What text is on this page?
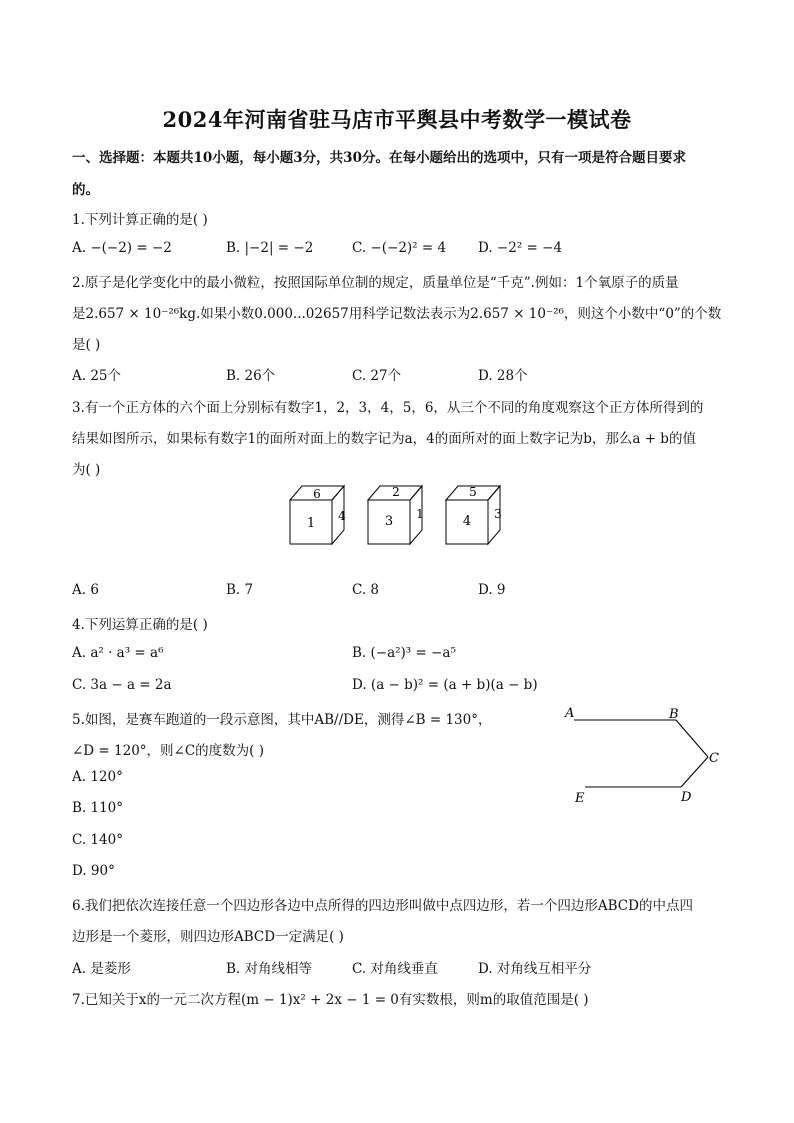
2024年河南省驻马店市平舆县中考数学一模试卷
一、选择题：本题共10小题，每小题3分，共30分。在每小题给出的选项中，只有一项是符合题目要求
的。
1.下列计算正确的是( )
A. −(−2) = −2	B. |−2| = −2	C. −(−2)² = 4 D. −2² = −4
2.原子是化学变化中的最小微粒，按照国际单位制的规定，质量单位是“千克”.例如：1个氧原子的质量
是2.657 × 10⁻²⁶kg.如果小数0.000...02657用科学记数法表示为2.657 × 10⁻²⁶，则这个小数中“0”的个数
是( )
A. 25个	B. 26个	C. 27个	D. 28个
3.有一个正方体的六个面上分别标有数字1，2，3，4，5，6，从三个不同的角度观察这个正方体所得到的
结果如图所示，如果标有数字1的面所对面上的数字记为a，4的面所对的面上数字记为b，那么a + b的值
为( )
6
1 4
2
3 1
5
4 3
A. 6	B. 7	C. 8	D. 9
4.下列运算正确的是( )
A. a² · a³ = a⁶	B. (−a²)³ = −a⁵
C. 3a − a = 2a	D. (a − b)² = (a + b)(a − b)
5.如图，是赛车跑道的一段示意图，其中AB//DE，测得∠B = 130°，
∠D = 120°，则∠C的度数为( )
A. 120°
B. 110°
C. 140°
D. 90°
A	B
C
D
E
6.我们把依次连接任意一个四边形各边中点所得的四边形叫做中点四边形，若一个四边形ABCD的中点四
边形是一个菱形，则四边形ABCD一定满足( )
A. 是菱形	B. 对角线相等	C. 对角线垂直	D. 对角线互相平分
7.已知关于x的一元二次方程(m − 1)x² + 2x − 1 = 0有实数根，则m的取值范围是( )
